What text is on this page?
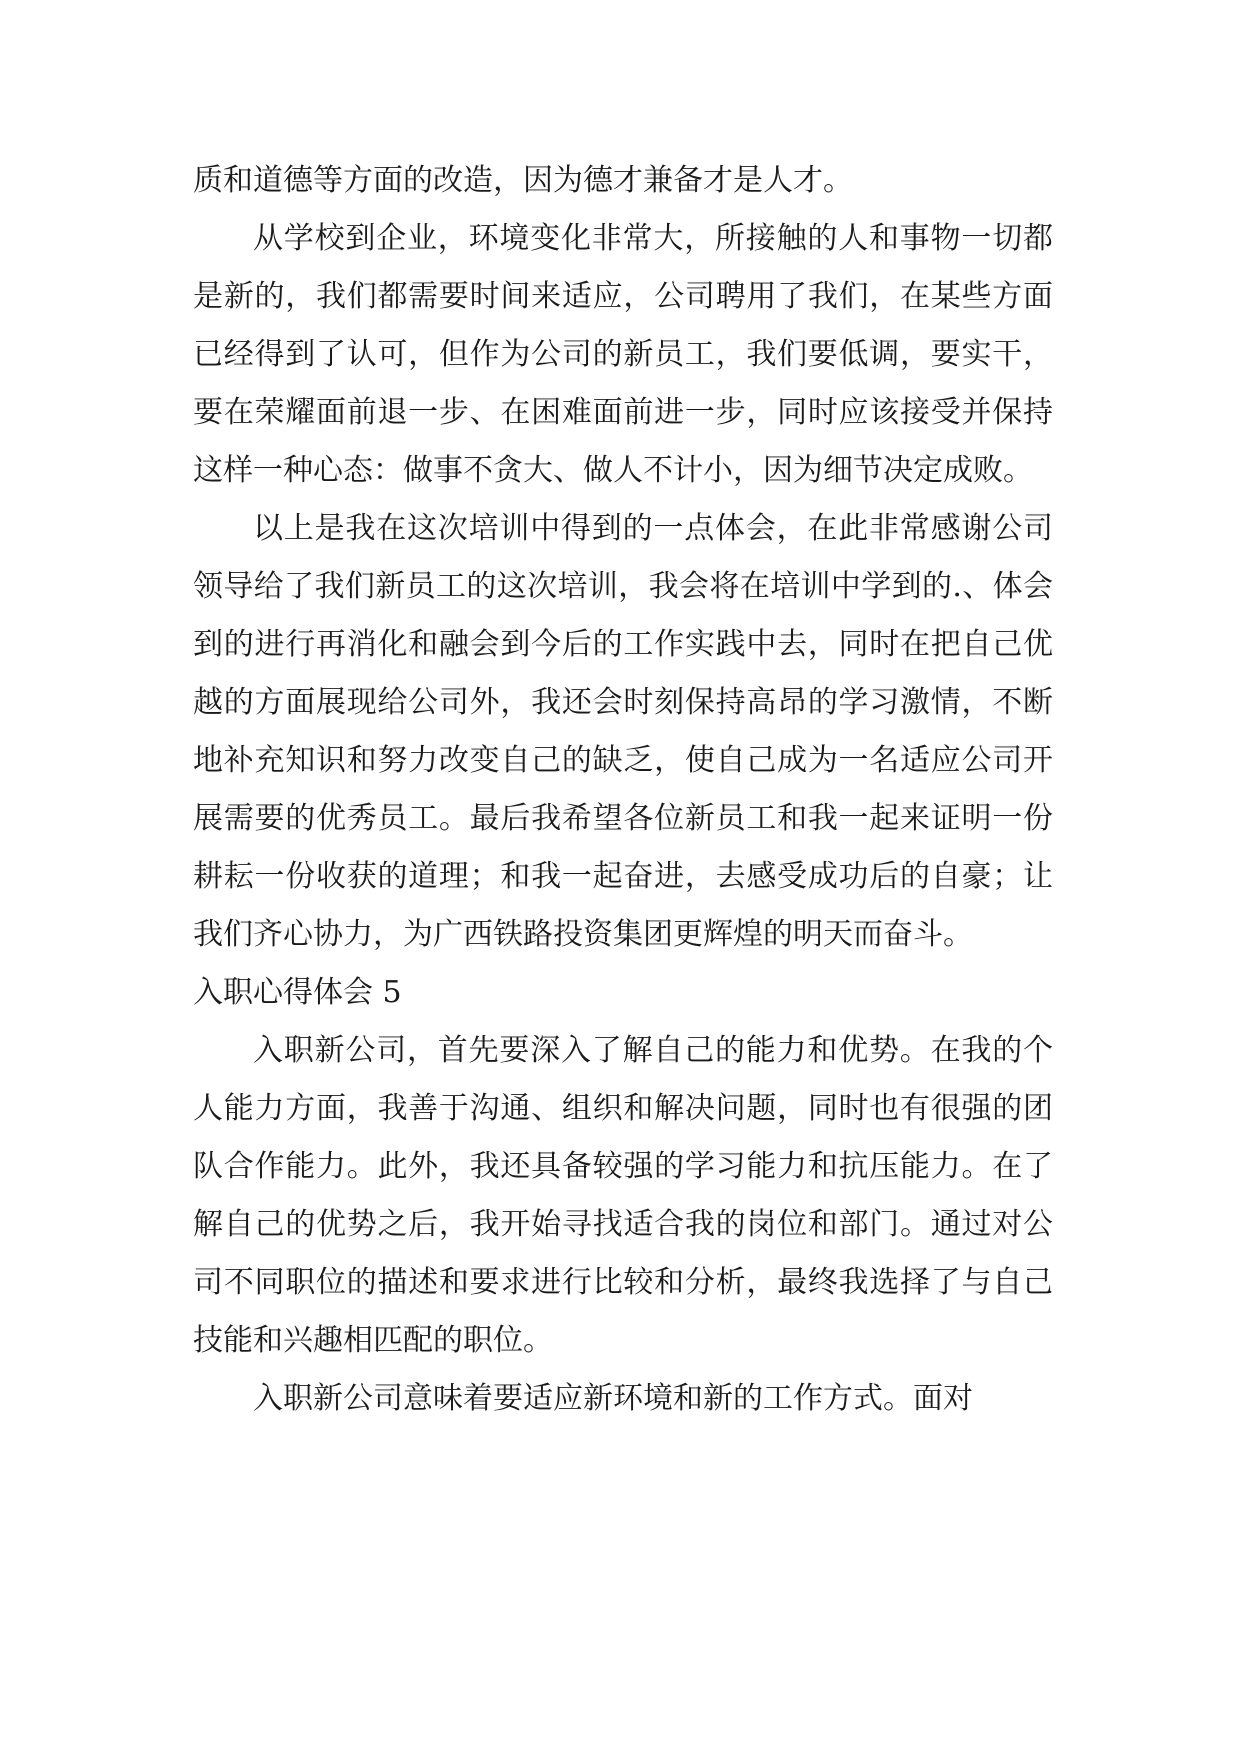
质和道德等方面的改造，因为德才兼备才是人才。

从学校到企业，环境变化非常大，所接触的人和事物一切都是新的，我们都需要时间来适应，公司聘用了我们，在某些方面已经得到了认可，但作为公司的新员工，我们要低调，要实干，要在荣耀面前退一步、在困难面前进一步，同时应该接受并保持这样一种心态：做事不贪大、做人不计小，因为细节决定成败。

以上是我在这次培训中得到的一点体会，在此非常感谢公司领导给了我们新员工的这次培训，我会将在培训中学到的.、体会到的进行再消化和融会到今后的工作实践中去，同时在把自己优越的方面展现给公司外，我还会时刻保持高昂的学习激情，不断地补充知识和努力改变自己的缺乏，使自己成为一名适应公司开展需要的优秀员工。最后我希望各位新员工和我一起来证明一份耕耘一份收获的道理；和我一起奋进，去感受成功后的自豪；让我们齐心协力，为广西铁路投资集团更辉煌的明天而奋斗。

入职心得体会 5

入职新公司，首先要深入了解自己的能力和优势。在我的个人能力方面，我善于沟通、组织和解决问题，同时也有很强的团队合作能力。此外，我还具备较强的学习能力和抗压能力。在了解自己的优势之后，我开始寻找适合我的岗位和部门。通过对公司不同职位的描述和要求进行比较和分析，最终我选择了与自己技能和兴趣相匹配的职位。

入职新公司意味着要适应新环境和新的工作方式。面对
